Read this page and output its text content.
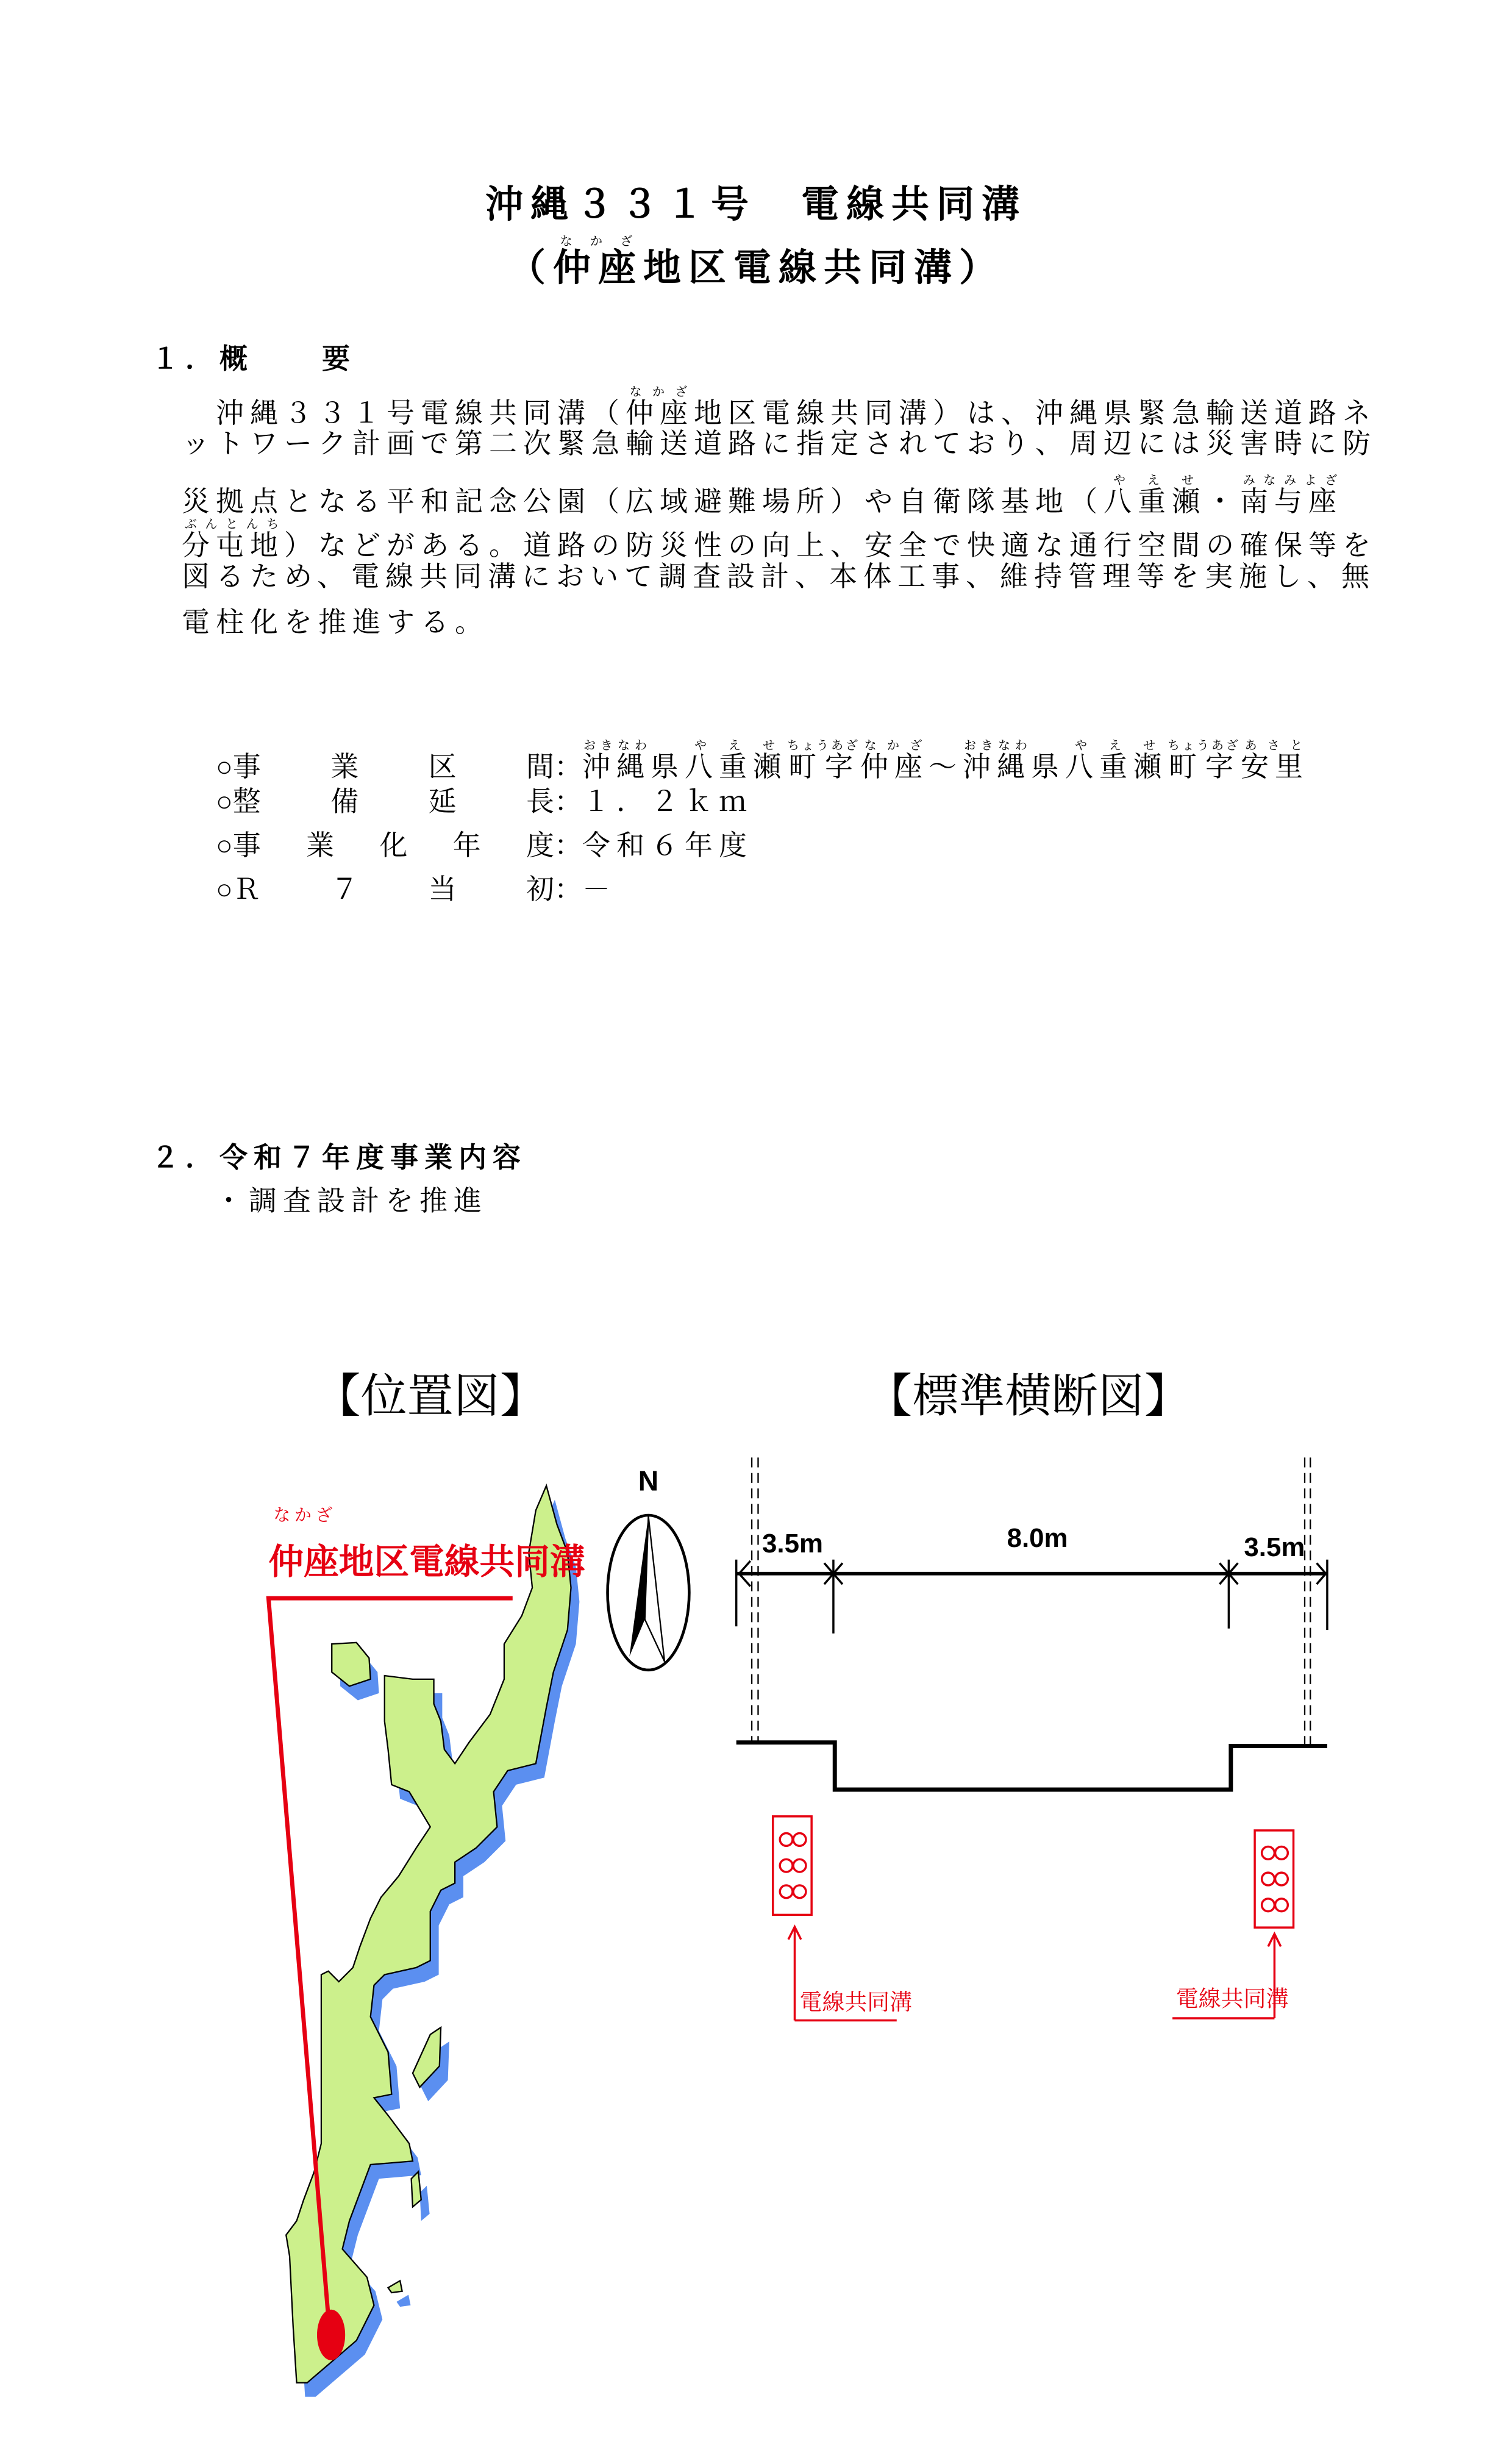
沖縄３３１号　電線共同溝
（仲座なかざ地区電線共同溝）
１．概　　要
　沖縄３３１号電線共同溝（仲座なかざ地区電線共同溝）は、沖縄県緊急輸送道路ネ
ットワーク計画で第二次緊急輸送道路に指定されており、周辺には災害時に防
災拠点となる平和記念公園（広域避難場所）や自衛隊基地（八重瀬やえせ・南与座みなみよざ
分屯地ぶんとんち）などがある。道路の防災性の向上、安全で快適な通行空間の確保等を
図るため、電線共同溝において調査設計、本体工事、維持管理等を実施し、無
電柱化を推進する。
○事 業 区 間 ：沖縄おきなわ県八重瀬やえせ町字ちょうあざ仲座なかざ～沖縄おきなわ県八重瀬やえせ町字ちょうあざ安里あさと
○整 備 延 長 ：１．２ｋｍ
○事 業 化 年 度 ：令和６年度
○Ｒ ７ 当 初 ：－
２．令和７年度事業内容
・調査設計を推進
【位置図】	【標準横断図】
なかざ
仲座地区電線共同溝
N
3.5m	8.0m	3.5m
電線共同溝	電線共同溝
